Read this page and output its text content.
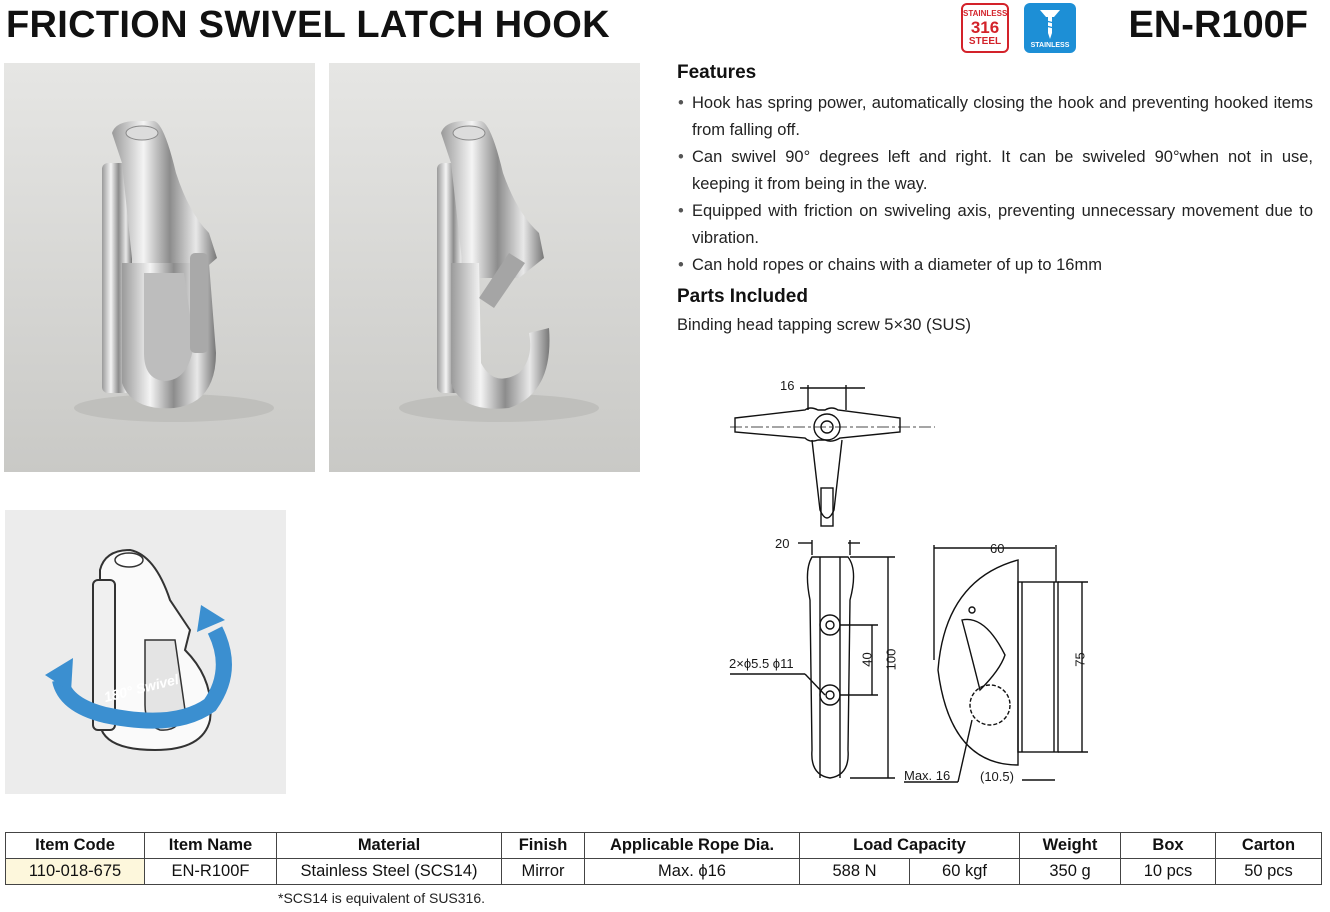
FRICTION SWIVEL LATCH HOOK	STAINLESS
316
STEEL	STAINLESS EN-R100F
180° Swivel
Features
• Hook has spring power, automatically closing the hook and preventing hooked items from falling off.
• Can swivel 90° degrees left and right. It can be swiveled 90°when not in use, keeping it from being in the way.
• Equipped with friction on swiveling axis, preventing unnecessary movement due to vibration.
• Can hold ropes or chains with a diameter of up to 16mm
Parts Included
Binding head tapping screw 5×30 (SUS)
16
20
2×ϕ5.5 ϕ11	40 100
60
75
Max. 16 (10.5)
Item Code	Item Name	Material	Finish	Applicable Rope Dia.	Load Capacity		Weight	Box	Carton
110-018-675	EN-R100F	Stainless Steel (SCS14)	Mirror	Max. ϕ16	588 N	60 kgf	350 g	10 pcs	50 pcs
*SCS14 is equivalent of SUS316.
